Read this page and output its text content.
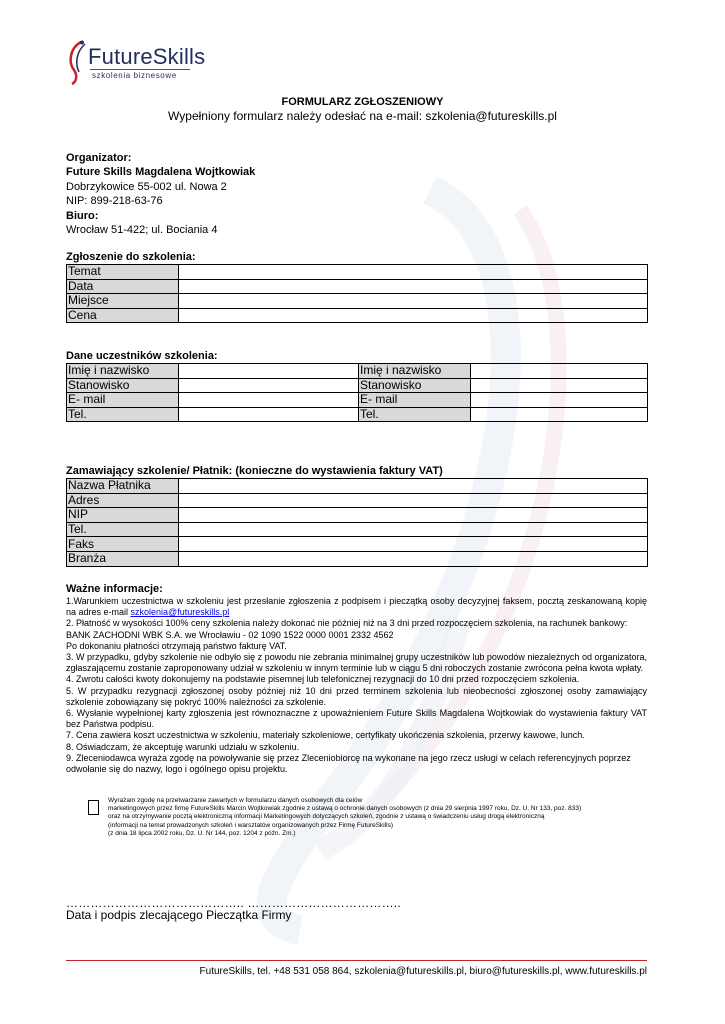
FutureSkills
szkolenia biznesowe
FORMULARZ ZGŁOSZENIOWY
Wypełniony formularz należy odesłać na e-mail: szkolenia@futureskills.pl
Organizator:
Future Skills Magdalena Wojtkowiak
Dobrzykowice 55-002 ul. Nowa 2
NIP: 899-218-63-76
Biuro:
Wrocław 51-422; ul. Bociania 4
Zgłoszenie do szkolenia:
Temat	
Data	
Miejsce	
Cena	
Dane uczestników szkolenia:
Imię i nazwisko		Imię i nazwisko	
Stanowisko		Stanowisko	
E- mail		E- mail	
Tel.		Tel.	
Zamawiający szkolenie/ Płatnik: (konieczne do wystawienia faktury VAT)
Nazwa Płatnika	
Adres	
NIP	
Tel.	
Faks	
Branża	
Ważne informacje:
1.Warunkiem uczestnictwa w szkoleniu jest przesłanie zgłoszenia z podpisem i pieczątką osoby decyzyjnej faksem, pocztą zeskanowaną kopię na adres e-mail szkolenia@futureskills.pl
2. Płatność w wysokości 100% ceny szkolenia należy dokonać nie później niż na 3 dni przed rozpoczęciem szkolenia, na rachunek bankowy: BANK ZACHODNI WBK S.A. we Wrocławiu - 02 1090 1522 0000 0001 2332 4562
Po dokonaniu płatności otrzymają państwo fakturę VAT.
3. W przypadku, gdyby szkolenie nie odbyło się z powodu nie zebrania minimalnej grupy uczestników lub powodów niezależnych od organizatora, zgłaszającemu zostanie zaproponowany udział w szkoleniu w innym terminie lub w ciągu 5 dni roboczych zostanie zwrócona pełna kwota wpłaty.
4. Zwrotu całości kwoty dokonujemy na podstawie pisemnej lub telefonicznej rezygnacji do 10 dni przed rozpoczęciem szkolenia.
5. W przypadku rezygnacji zgłoszonej osoby później niż 10 dni przed terminem szkolenia lub nieobecności zgłoszonej osoby zamawiający szkolenie zobowiązany się pokryć 100% należności za szkolenie.
6. Wysłanie wypełnionej karty zgłoszenia jest równoznaczne z upoważnieniem Future Skills Magdalena Wojtkowiak do wystawienia faktury VAT bez Państwa podpisu.
7. Cena zawiera koszt uczestnictwa w szkoleniu, materiały szkoleniowe, certyfikaty ukończenia szkolenia, przerwy kawowe, lunch.
8. Oświadczam, że akceptuję warunki udziału w szkoleniu.
9. Zleceniodawca wyraża zgodę na powoływanie się przez Zleceniobiorcę na wykonane na jego rzecz usługi w celach referencyjnych poprzez odwołanie się do nazwy, logo i ogólnego opisu projektu.
Wyrażam zgodę na przetwarzanie zawartych w formularzu danych osobowych dla celów
marketingowych przez firmę FutureSkills Marcin Wojtkowiak zgodnie z ustawą o ochronie danych osobowych (z dnia 29 sierpnia 1997 roku, Dz. U. Nr 133, poz. 833)
oraz na otrzymywanie pocztą elektroniczną informacji Marketingowych dotyczących szkoleń, zgodnie z ustawą o świadczeniu usług drogą elektroniczną
(informacji na temat prowadzonych szkoleń i warsztatów organizowanych przez Firmę FutureSkills)
(z dnia 18 lipca 2002 roku, Dz. U. Nr 144, poz. 1204 z późn. Zm.)
…………………………………….. ………………………………..
Data i podpis zlecającego Pieczątka Firmy
FutureSkills, tel. +48 531 058 864, szkolenia@futureskills.pl, biuro@futureskills.pl, www.futureskills.pl
